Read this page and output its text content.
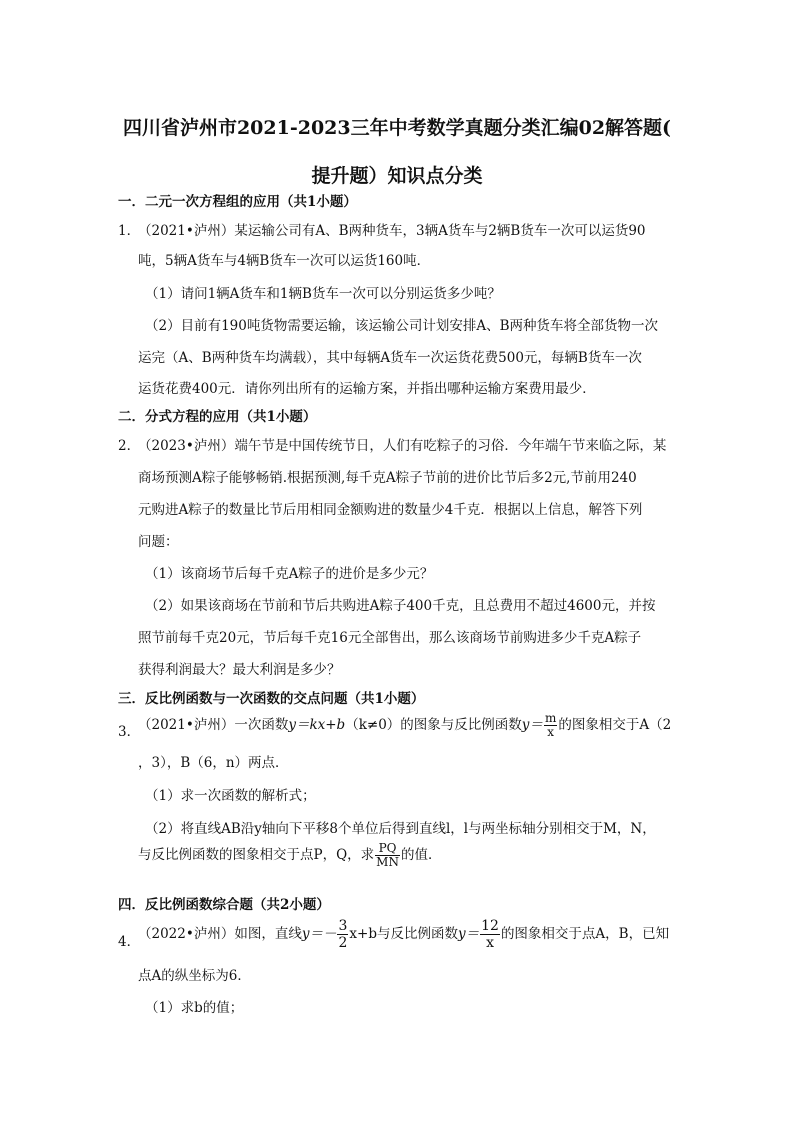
四川省泸州市2021-2023三年中考数学真题分类汇编02解答题(
提升题）知识点分类
一．二元一次方程组的应用（共1小题）
1．
（2021•泸州）某运输公司有A、B两种货车，3辆A货车与2辆B货车一次可以运货90
吨，5辆A货车与4辆B货车一次可以运货160吨．
（1）请问1辆A货车和1辆B货车一次可以分别运货多少吨？
（2）目前有190吨货物需要运输，该运输公司计划安排A、B两种货车将全部货物一次
运完（A、B两种货车均满载），其中每辆A货车一次运货花费500元，每辆B货车一次
运货花费400元．请你列出所有的运输方案，并指出哪种运输方案费用最少．
二．分式方程的应用（共1小题）
2．
（2023•泸州）端午节是中国传统节日，人们有吃粽子的习俗．今年端午节来临之际，某
商场预测A粽子能够畅销.根据预测,每千克A粽子节前的进价比节后多2元,节前用240
元购进A粽子的数量比节后用相同金额购进的数量少4千克．根据以上信息，解答下列
问题：
（1）该商场节后每千克A粽子的进价是多少元？
（2）如果该商场在节前和节后共购进A粽子400千克，且总费用不超过4600元，并按
照节前每千克20元，节后每千克16元全部售出，那么该商场节前购进多少千克A粽子
获得利润最大？最大利润是多少？
三．反比例函数与一次函数的交点问题（共1小题）
3．
（2021•泸州）一次函数y＝kx+b（k≠0）的图象与反比例函数$y= \frac{m}{x}$ 的图象相交于A（2
，3），B（6，n）两点．
（1）求一次函数的解析式；
（2）将直线AB沿y轴向下平移8个单位后得到直线l，l与两坐标轴分别相交于M，N，
与反比例函数的图象相交于点P，Q，求 $\frac{PQ}{MN}$ 的值．
四．反比例函数综合题（共2小题）
4．
（2022•泸州）如图，直线$y=- \frac{3}{2} x+b$与反比例函数$y= \frac{12}{x}$ 的图象相交于点A，B，已知
点A的纵坐标为6．
（1）求b的值；
